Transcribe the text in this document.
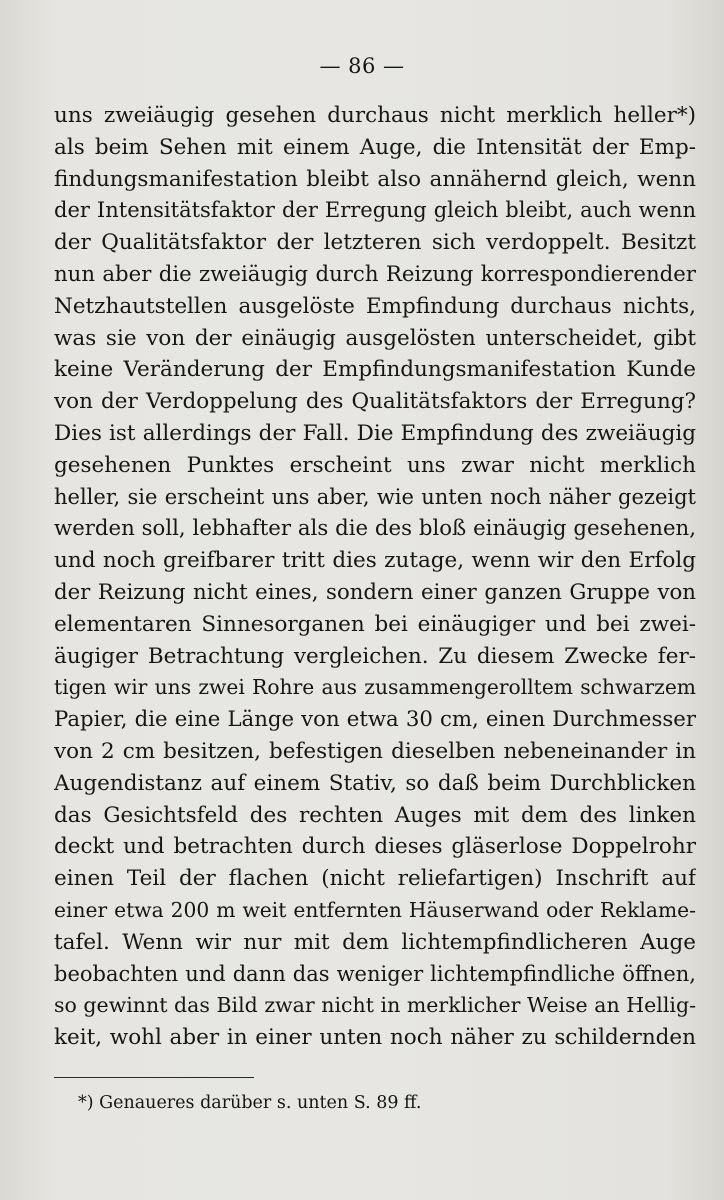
— 86 —
uns zweiäugig gesehen durchaus nicht merklich heller*)
als beim Sehen mit einem Auge, die Intensität der Emp-
findungsmanifestation bleibt also annähernd gleich, wenn
der Intensitätsfaktor der Erregung gleich bleibt, auch wenn
der Qualitätsfaktor der letzteren sich verdoppelt. Besitzt
nun aber die zweiäugig durch Reizung korrespondierender
Netzhautstellen ausgelöste Empfindung durchaus nichts,
was sie von der einäugig ausgelösten unterscheidet, gibt
keine Veränderung der Empfindungsmanifestation Kunde
von der Verdoppelung des Qualitätsfaktors der Erregung?
Dies ist allerdings der Fall. Die Empfindung des zweiäugig
gesehenen Punktes erscheint uns zwar nicht merklich
heller, sie erscheint uns aber, wie unten noch näher gezeigt
werden soll, lebhafter als die des bloß einäugig gesehenen,
und noch greifbarer tritt dies zutage, wenn wir den Erfolg
der Reizung nicht eines, sondern einer ganzen Gruppe von
elementaren Sinnesorganen bei einäugiger und bei zwei-
äugiger Betrachtung vergleichen. Zu diesem Zwecke fer-
tigen wir uns zwei Rohre aus zusammengerolltem schwarzem
Papier, die eine Länge von etwa 30 cm, einen Durchmesser
von 2 cm besitzen, befestigen dieselben nebeneinander in
Augendistanz auf einem Stativ, so daß beim Durchblicken
das Gesichtsfeld des rechten Auges mit dem des linken
deckt und betrachten durch dieses gläserlose Doppelrohr
einen Teil der flachen (nicht reliefartigen) Inschrift auf
einer etwa 200 m weit entfernten Häuserwand oder Reklame-
tafel. Wenn wir nur mit dem lichtempfindlicheren Auge
beobachten und dann das weniger lichtempfindliche öffnen,
so gewinnt das Bild zwar nicht in merklicher Weise an Hellig-
keit, wohl aber in einer unten noch näher zu schildernden
*) Genaueres darüber s. unten S. 89 ff.
